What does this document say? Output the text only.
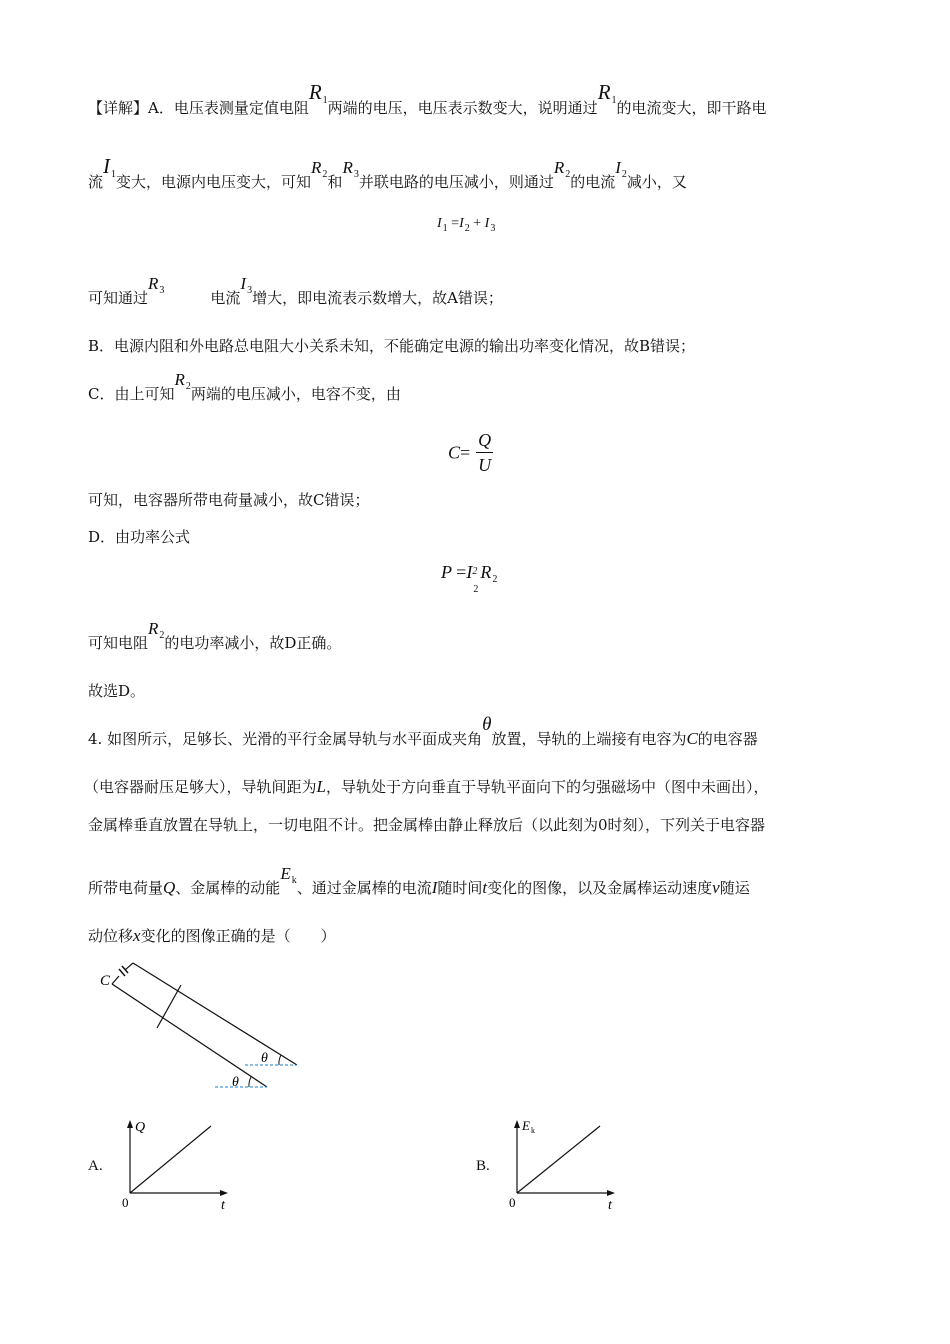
【详解】A．电压表测量定值电阻$R_1$两端的电压，电压表示数变大，说明通过$R_1$的电流变大，即干路电
流$I_1$变大，电源内电压变大，可知$R_2$和$R_3$并联电路的电压减小，则通过$R_2$的电流$I_2$减小，又
$I_1 =I_2 + I_3$
可知通过$R_3$	电流$I_3$增大，即电流表示数增大，故A错误；
B．电源内阻和外电路总电阻大小关系未知，不能确定电源的输出功率变化情况，故B错误；
C．由上可知$R_2$两端的电压减小，电容不变，由
$C= \frac{Q}{U}$
可知，电容器所带电荷量减小，故C错误；
D．由功率公式
P =I 2
2
$R_2$
可知电阻$R_2$的电功率减小，故D正确。
故选D。
4. 如图所示，足够长、光滑的平行金属导轨与水平面成夹角θ放置，导轨的上端接有电容为C的电容器
（电容器耐压足够大），导轨间距为L，导轨处于方向垂直于导轨平面向下的匀强磁场中（图中未画出），
金属棒垂直放置在导轨上，一切电阻不计。把金属棒由静止释放后（以此刻为0时刻），下列关于电容器
所带电荷量Q、金属棒的动能$E_k$、通过金属棒的电流I随时间t变化的图像，以及金属棒运动速度v随运
动位移x变化的图像正确的是（　　）
C
θ
θ
A.
Q
t
0
B.
E k
t
0
